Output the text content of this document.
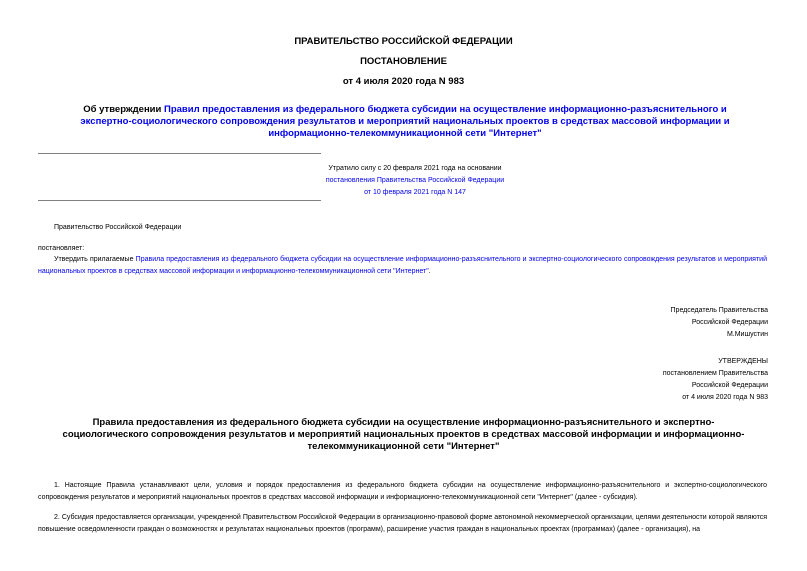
ПРАВИТЕЛЬСТВО РОССИЙСКОЙ ФЕДЕРАЦИИ
ПОСТАНОВЛЕНИЕ
от 4 июля 2020 года N 983
Об утверждении Правил предоставления из федерального бюджета субсидии на осуществление информационно-разъяснительного и экспертно-социологического сопровождения результатов и мероприятий национальных проектов в средствах массовой информации и информационно-телекоммуникационной сети "Интернет"
Утратило силу с 20 февраля 2021 года на основании
постановления Правительства Российской Федерации
от 10 февраля 2021 года N 147
Правительство Российской Федерации
постановляет:
Утвердить прилагаемые Правила предоставления из федерального бюджета субсидии на осуществление информационно-разъяснительного и экспертно-социологического сопровождения результатов и мероприятий национальных проектов в средствах массовой информации и информационно-телекоммуникационной сети "Интернет".
Председатель Правительства
Российской Федерации
М.Мишустин
УТВЕРЖДЕНЫ
постановлением Правительства
Российской Федерации
от 4 июля 2020 года N 983
Правила предоставления из федерального бюджета субсидии на осуществление информационно-разъяснительного и экспертно-социологического сопровождения результатов и мероприятий национальных проектов в средствах массовой информации и информационно-телекоммуникационной сети "Интернет"
1. Настоящие Правила устанавливают цели, условия и порядок предоставления из федерального бюджета субсидии на осуществление информационно-разъяснительного и экспертно-социологического сопровождения результатов и мероприятий национальных проектов в средствах массовой информации и информационно-телекоммуникационной сети "Интернет" (далее - субсидия).
2. Субсидия предоставляется организации, учрежденной Правительством Российской Федерации в организационно-правовой форме автономной некоммерческой организации, целями деятельности которой являются повышение осведомленности граждан о возможностях и результатах национальных проектов (программ), расширение участия граждан в национальных проектах (программах) (далее - организация), на
